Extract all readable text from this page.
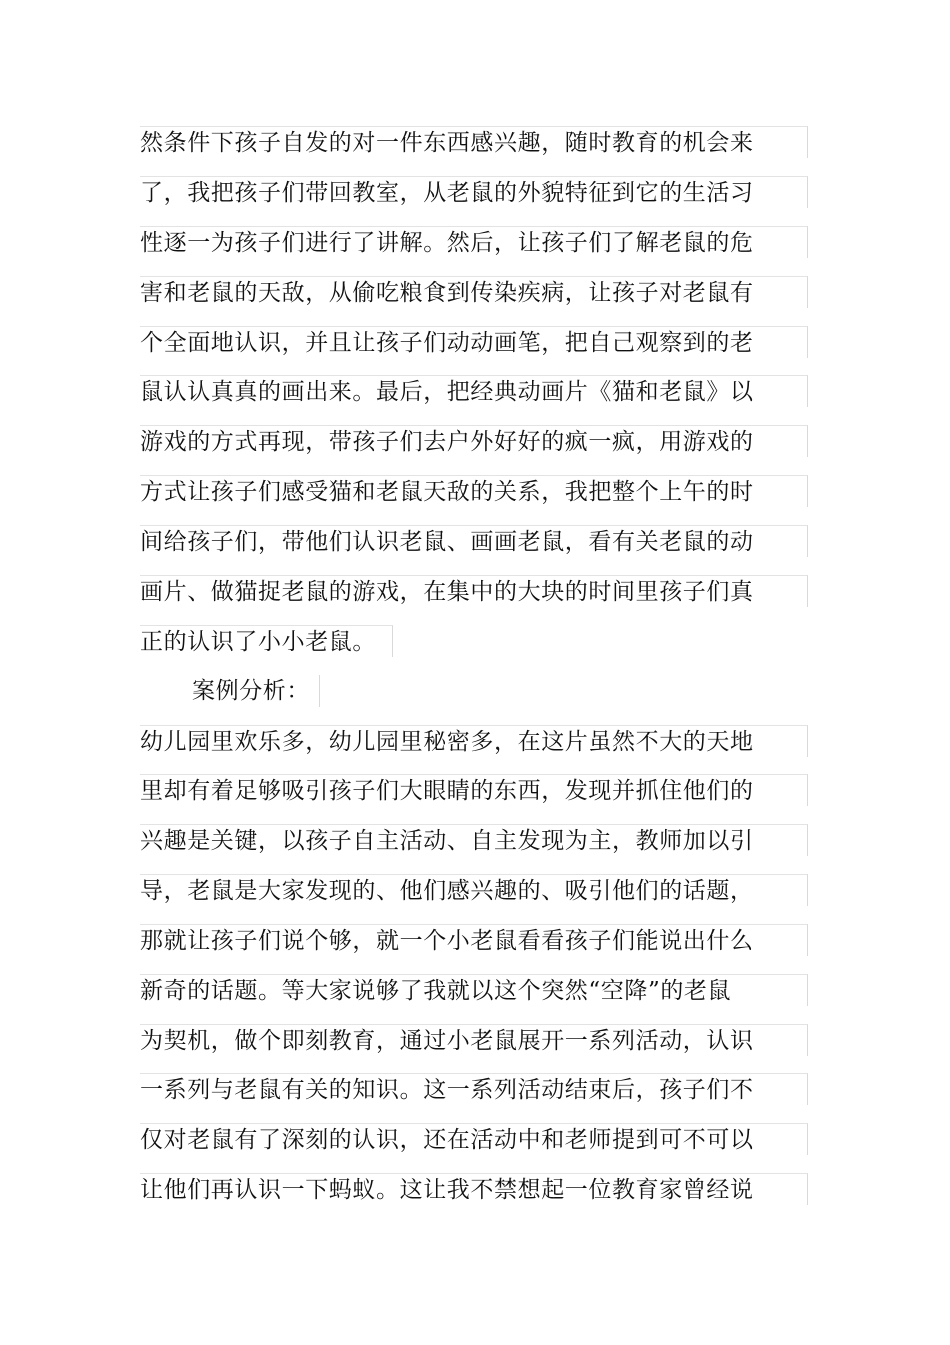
然条件下孩子自发的对一件东西感兴趣，随时教育的机会来
了，我把孩子们带回教室，从老鼠的外貌特征到它的生活习
性逐一为孩子们进行了讲解。然后，让孩子们了解老鼠的危
害和老鼠的天敌，从偷吃粮食到传染疾病，让孩子对老鼠有
个全面地认识，并且让孩子们动动画笔，把自己观察到的老
鼠认认真真的画出来。最后，把经典动画片《猫和老鼠》以
游戏的方式再现，带孩子们去户外好好的疯一疯，用游戏的
方式让孩子们感受猫和老鼠天敌的关系，我把整个上午的时
间给孩子们，带他们认识老鼠、画画老鼠，看有关老鼠的动
画片、做猫捉老鼠的游戏，在集中的大块的时间里孩子们真
正的认识了小小老鼠。
案例分析：
幼儿园里欢乐多，幼儿园里秘密多，在这片虽然不大的天地
里却有着足够吸引孩子们大眼睛的东西，发现并抓住他们的
兴趣是关键，以孩子自主活动、自主发现为主，教师加以引
导，老鼠是大家发现的、他们感兴趣的、吸引他们的话题，
那就让孩子们说个够，就一个小老鼠看看孩子们能说出什么
新奇的话题。等大家说够了我就以这个突然“空降”的老鼠
为契机，做个即刻教育，通过小老鼠展开一系列活动，认识
一系列与老鼠有关的知识。这一系列活动结束后，孩子们不
仅对老鼠有了深刻的认识，还在活动中和老师提到可不可以
让他们再认识一下蚂蚁。这让我不禁想起一位教育家曾经说
